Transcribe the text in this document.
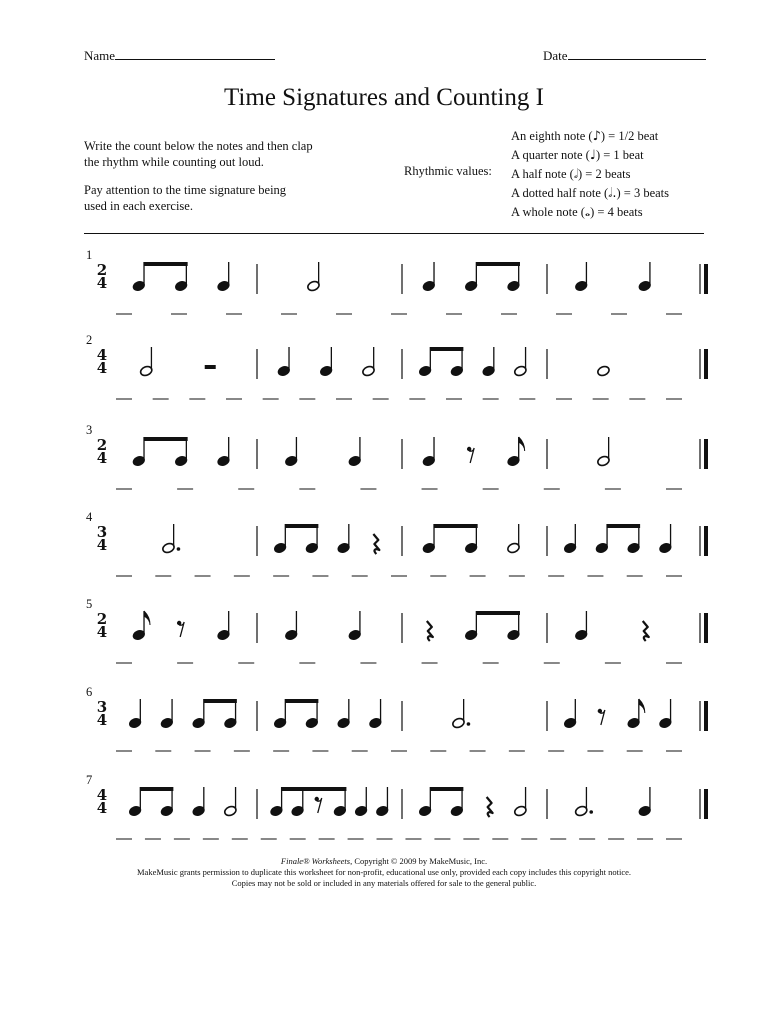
Name	Date
Time Signatures and Counting I
Write the count below the notes and then clap
the rhythm while counting out loud.
Pay attention to the time signature being
used in each exercise.
Rhythmic values:
An eighth note (♪) = 1/2 beat
A quarter note (♩) = 1 beat
A half note (𝅗𝅥) = 2 beats
A dotted half note (𝅗𝅥.) = 3 beats
A whole note (𝅝) = 4 beats
1
2
4
2
4
4
3
2
4
4
3
4
5
2
4
6
3
4
7
4
4
Finale® Worksheets, Copyright © 2009 by MakeMusic, Inc.
MakeMusic grants permission to duplicate this worksheet for non-profit, educational use only, provided each copy includes this copyright notice.
Copies may not be sold or included in any materials offered for sale to the general public.
